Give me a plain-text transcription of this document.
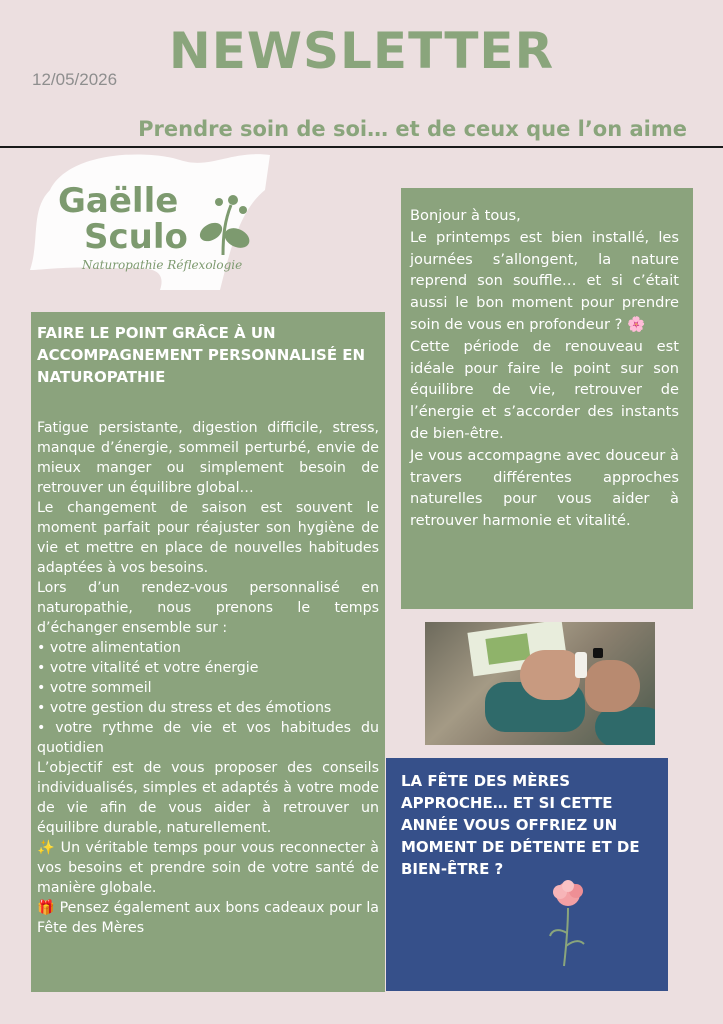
NEWSLETTER
12/05/2026
Prendre soin de soi… et de ceux que l’on aime
Gaëlle
Sculo
Naturopathie Réflexologie
FAIRE LE POINT GRÂCE À UN ACCOMPAGNEMENT PERSONNALISÉ EN NATUROPATHIE

Fatigue persistante, digestion difficile, stress, manque d’énergie, sommeil perturbé, envie de mieux manger ou simplement besoin de retrouver un équilibre global…

Le changement de saison est souvent le moment parfait pour réajuster son hygiène de vie et mettre en place de nouvelles habitudes adaptées à vos besoins.

Lors d’un rendez-vous personnalisé en naturopathie, nous prenons le temps d’échanger ensemble sur :

• votre alimentation

• votre vitalité et votre énergie

• votre sommeil

• votre gestion du stress et des émotions

• votre rythme de vie et vos habitudes du quotidien

L’objectif est de vous proposer des conseils individualisés, simples et adaptés à votre mode de vie afin de vous aider à retrouver un équilibre durable, naturellement.

✨ Un véritable temps pour vous reconnecter à vos besoins et prendre soin de votre santé de manière globale.

🎁 Pensez également aux bons cadeaux pour la Fête des Mères

Bonjour à tous,

Le printemps est bien installé, les journées s’allongent, la nature reprend son souffle… et si c’était aussi le bon moment pour prendre soin de vous en profondeur ? 🌸

Cette période de renouveau est idéale pour faire le point sur son équilibre de vie, retrouver de l’énergie et s’accorder des instants de bien-être.

Je vous accompagne avec douceur à travers différentes approches naturelles pour vous aider à retrouver harmonie et vitalité.

LA FÊTE DES MÈRES APPROCHE… ET SI CETTE ANNÉE VOUS OFFRIEZ UN MOMENT DE DÉTENTE ET DE BIEN-ÊTRE ?
